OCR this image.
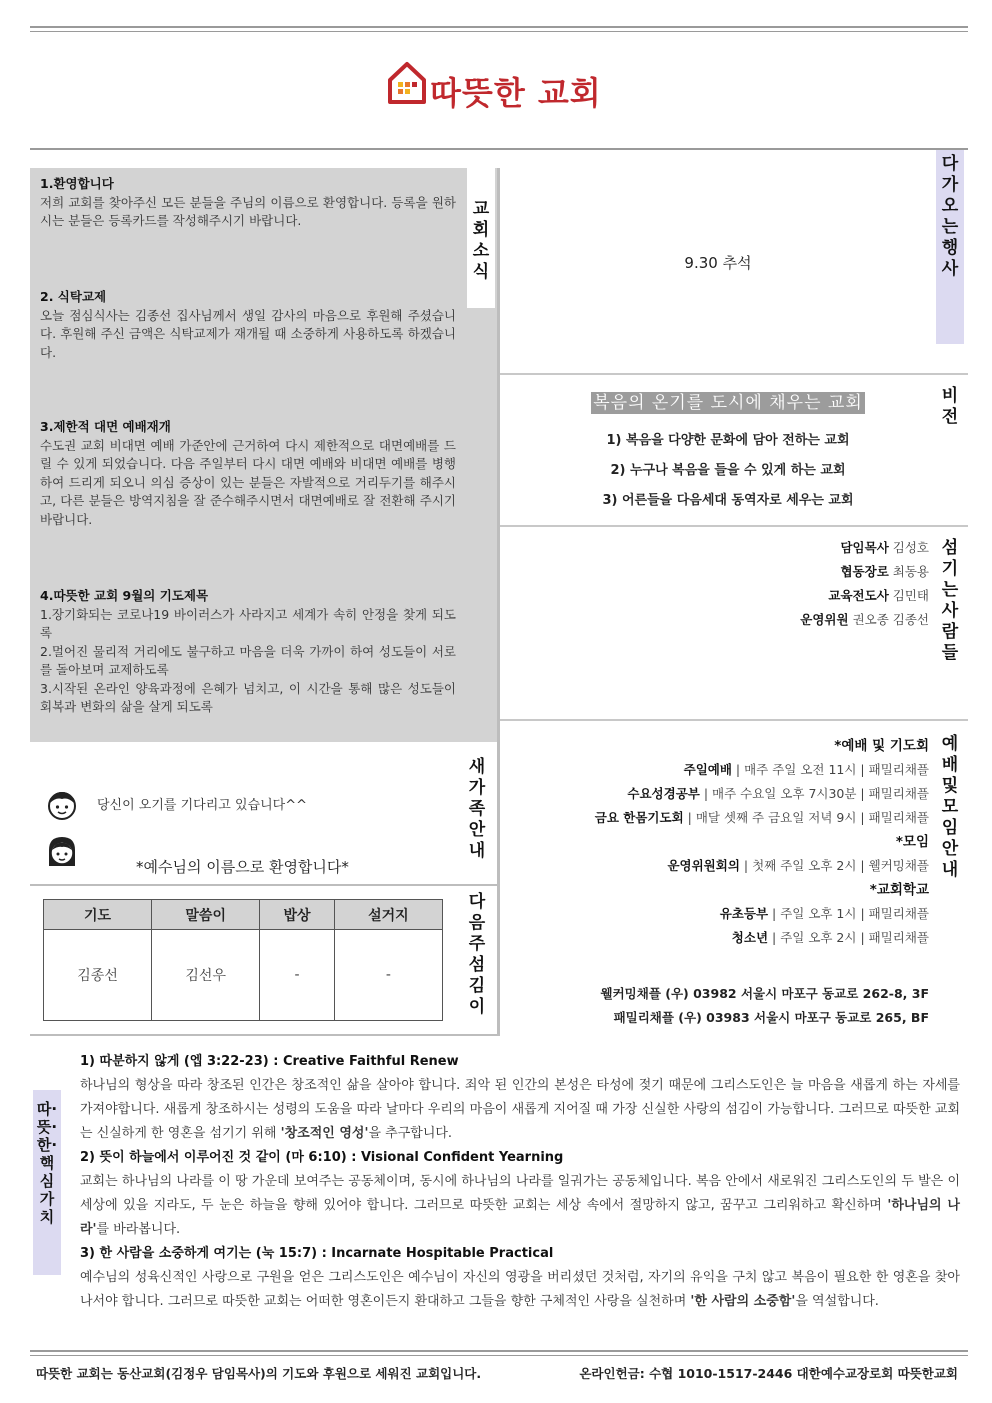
따뜻한 교회
교회소식
1.환영합니다
저희 교회를 찾아주신 모든 분들을 주님의 이름으로 환영합니다. 등록을 원하시는 분들은 등록카드를 작성해주시기 바랍니다.
2. 식탁교제
오늘 점심식사는 김종선 집사님께서 생일 감사의 마음으로 후원해 주셨습니다. 후원해 주신 금액은 식탁교제가 재개될 때 소중하게 사용하도록 하겠습니다.
3.제한적 대면 예배재개
수도권 교회 비대면 예배 가준안에 근거하여 다시 제한적으로 대면예배를 드릴 수 있게 되었습니다. 다음 주일부터 다시 대면 예배와 비대면 예배를 병행하여 드리게 되오니 의심 증상이 있는 분들은 자발적으로 거리두기를 해주시고, 다른 분들은 방역지침을 잘 준수해주시면서 대면예배로 잘 전환해 주시기 바랍니다.
4.따뜻한 교회 9월의 기도제목
1.장기화되는 코로나19 바이러스가 사라지고 세계가 속히 안정을 찾게 되도록
2.멀어진 물리적 거리에도 불구하고 마음을 더욱 가까이 하여 성도들이 서로를 돌아보며 교제하도록
3.시작된 온라인 양육과정에 은혜가 넘치고, 이 시간을 통해 많은 성도들이 회복과 변화의 삶을 살게 되도록
다가오는행사
9.30 추석
비전
복음의 온기를 도시에 채우는 교회
1) 복음을 다양한 문화에 담아 전하는 교회
2) 누구나 복음을 들을 수 있게 하는 교회
3) 어른들을 다음세대 동역자로 세우는 교회
섬기는사람들
담임목사 김성호
협동장로 최동용
교육전도사 김민태
운영위원 권오종 김종선
예배및모임안내
*예배 및 기도회
주일예배 | 매주 주일 오전 11시 | 패밀리채플
수요성경공부 | 매주 수요일 오후 7시30분 | 패밀리채플
금요 한몸기도회 | 매달 셋째 주 금요일 저녁 9시 | 패밀리채플
*모임
운영위원회의 | 첫째 주일 오후 2시 | 웰커밍채플
*교회학교
유초등부 | 주일 오후 1시 | 패밀리채플
청소년 | 주일 오후 2시 | 패밀리채플
웰커밍채플 (우) 03982 서울시 마포구 동교로 262-8, 3F
패밀리채플 (우) 03983 서울시 마포구 동교로 265, BF
새가족안내
당신이 오기를 기다리고 있습니다^^
*예수님의 이름으로 환영합니다*
다음주섬김이
기도	말씀이	밥상	설거지
김종선	김선우	-	-
따·뜻·한·핵심가치
1) 따분하지 않게 (엡 3:22-23) : Creative Faithful Renew
하나님의 형상을 따라 창조된 인간은 창조적인 삶을 살아야 합니다. 죄악 된 인간의 본성은 타성에 젖기 때문에 그리스도인은 늘 마음을 새롭게 하는 자세를 가져야합니다. 새롭게 창조하시는 성령의 도움을 따라 날마다 우리의 마음이 새롭게 지어질 때 가장 신실한 사랑의 섬김이 가능합니다. 그러므로 따뜻한 교회는 신실하게 한 영혼을 섬기기 위해 '창조적인 영성'을 추구합니다.
2) 뜻이 하늘에서 이루어진 것 같이 (마 6:10) : Visional Confident Yearning
교회는 하나님의 나라를 이 땅 가운데 보여주는 공동체이며, 동시에 하나님의 나라를 일궈가는 공동체입니다. 복음 안에서 새로워진 그리스도인의 두 발은 이 세상에 있을 지라도, 두 눈은 하늘을 향해 있어야 합니다. 그러므로 따뜻한 교회는 세상 속에서 절망하지 않고, 꿈꾸고 그리워하고 확신하며 '하나님의 나라'를 바라봅니다.
3) 한 사람을 소중하게 여기는 (눅 15:7) : Incarnate Hospitable Practical
예수님의 성육신적인 사랑으로 구원을 얻은 그리스도인은 예수님이 자신의 영광을 버리셨던 것처럼, 자기의 유익을 구치 않고 복음이 필요한 한 영혼을 찾아 나서야 합니다. 그러므로 따뜻한 교회는 어떠한 영혼이든지 환대하고 그들을 향한 구체적인 사랑을 실천하며 '한 사람의 소중함'을 역설합니다.
따뜻한 교회는 동산교회(김정우 담임목사)의 기도와 후원으로 세워진 교회입니다.	온라인헌금: 수협 1010-1517-2446 대한예수교장로회 따뜻한교회
